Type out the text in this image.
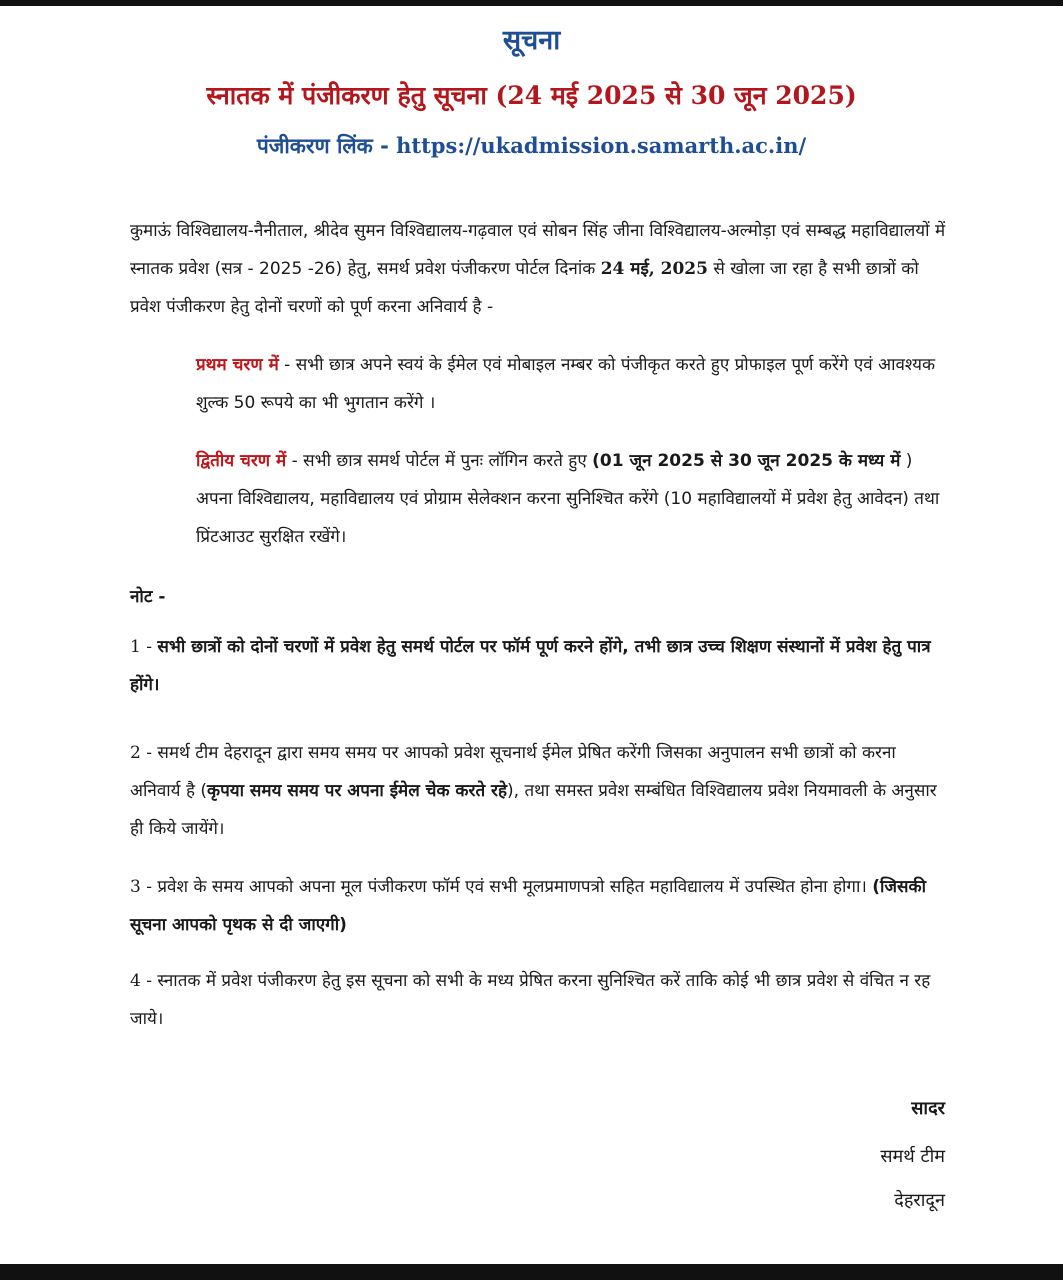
सूचना
स्नातक में पंजीकरण हेतु सूचना (24 मई 2025 से 30 जून 2025)
पंजीकरण लिंक - https://ukadmission.samarth.ac.in/
कुमाऊं विश्विद्यालय-नैनीताल, श्रीदेव सुमन विश्विद्यालय-गढ़वाल एवं सोबन सिंह जीना विश्विद्यालय-अल्मोड़ा एवं सम्बद्ध महाविद्यालयों में स्नातक प्रवेश (सत्र - 2025 -26) हेतु, समर्थ प्रवेश पंजीकरण पोर्टल दिनांक 24 मई, 2025 से खोला जा रहा है सभी छात्रों को प्रवेश पंजीकरण हेतु दोनों चरणों को पूर्ण करना अनिवार्य है -
प्रथम चरण में - सभी छात्र अपने स्वयं के ईमेल एवं मोबाइल नम्बर को पंजीकृत करते हुए प्रोफाइल पूर्ण करेंगे एवं आवश्यक शुल्क 50 रूपये का भी भुगतान करेंगे ।
द्वितीय चरण में - सभी छात्र समर्थ पोर्टल में पुनः लॉगिन करते हुए (01 जून 2025 से 30 जून 2025 के मध्य में ) अपना विश्विद्यालय, महाविद्यालय एवं प्रोग्राम सेलेक्शन करना सुनिश्चित करेंगे (10 महाविद्यालयों में प्रवेश हेतु आवेदन) तथा प्रिंटआउट सुरक्षित रखेंगे।
नोट -
1 - सभी छात्रों को दोनों चरणों में प्रवेश हेतु समर्थ पोर्टल पर फॉर्म पूर्ण करने होंगे, तभी छात्र उच्च शिक्षण संस्थानों में प्रवेश हेतु पात्र होंगे।
2 - समर्थ टीम देहरादून द्वारा समय समय पर आपको प्रवेश सूचनार्थ ईमेल प्रेषित करेंगी जिसका अनुपालन सभी छात्रों को करना अनिवार्य है (कृपया समय समय पर अपना ईमेल चेक करते रहे), तथा समस्त प्रवेश सम्बंधित विश्विद्यालय प्रवेश नियमावली के अनुसार ही किये जायेंगे।
3 - प्रवेश के समय आपको अपना मूल पंजीकरण फॉर्म एवं सभी मूलप्रमाणपत्रो सहित महाविद्यालय में उपस्थित होना होगा। (जिसकी सूचना आपको पृथक से दी जाएगी)
4 - स्नातक में प्रवेश पंजीकरण हेतु इस सूचना को सभी के मध्य प्रेषित करना सुनिश्चित करें ताकि कोई भी छात्र प्रवेश से वंचित न रह जाये।
सादर
समर्थ टीम
देहरादून
